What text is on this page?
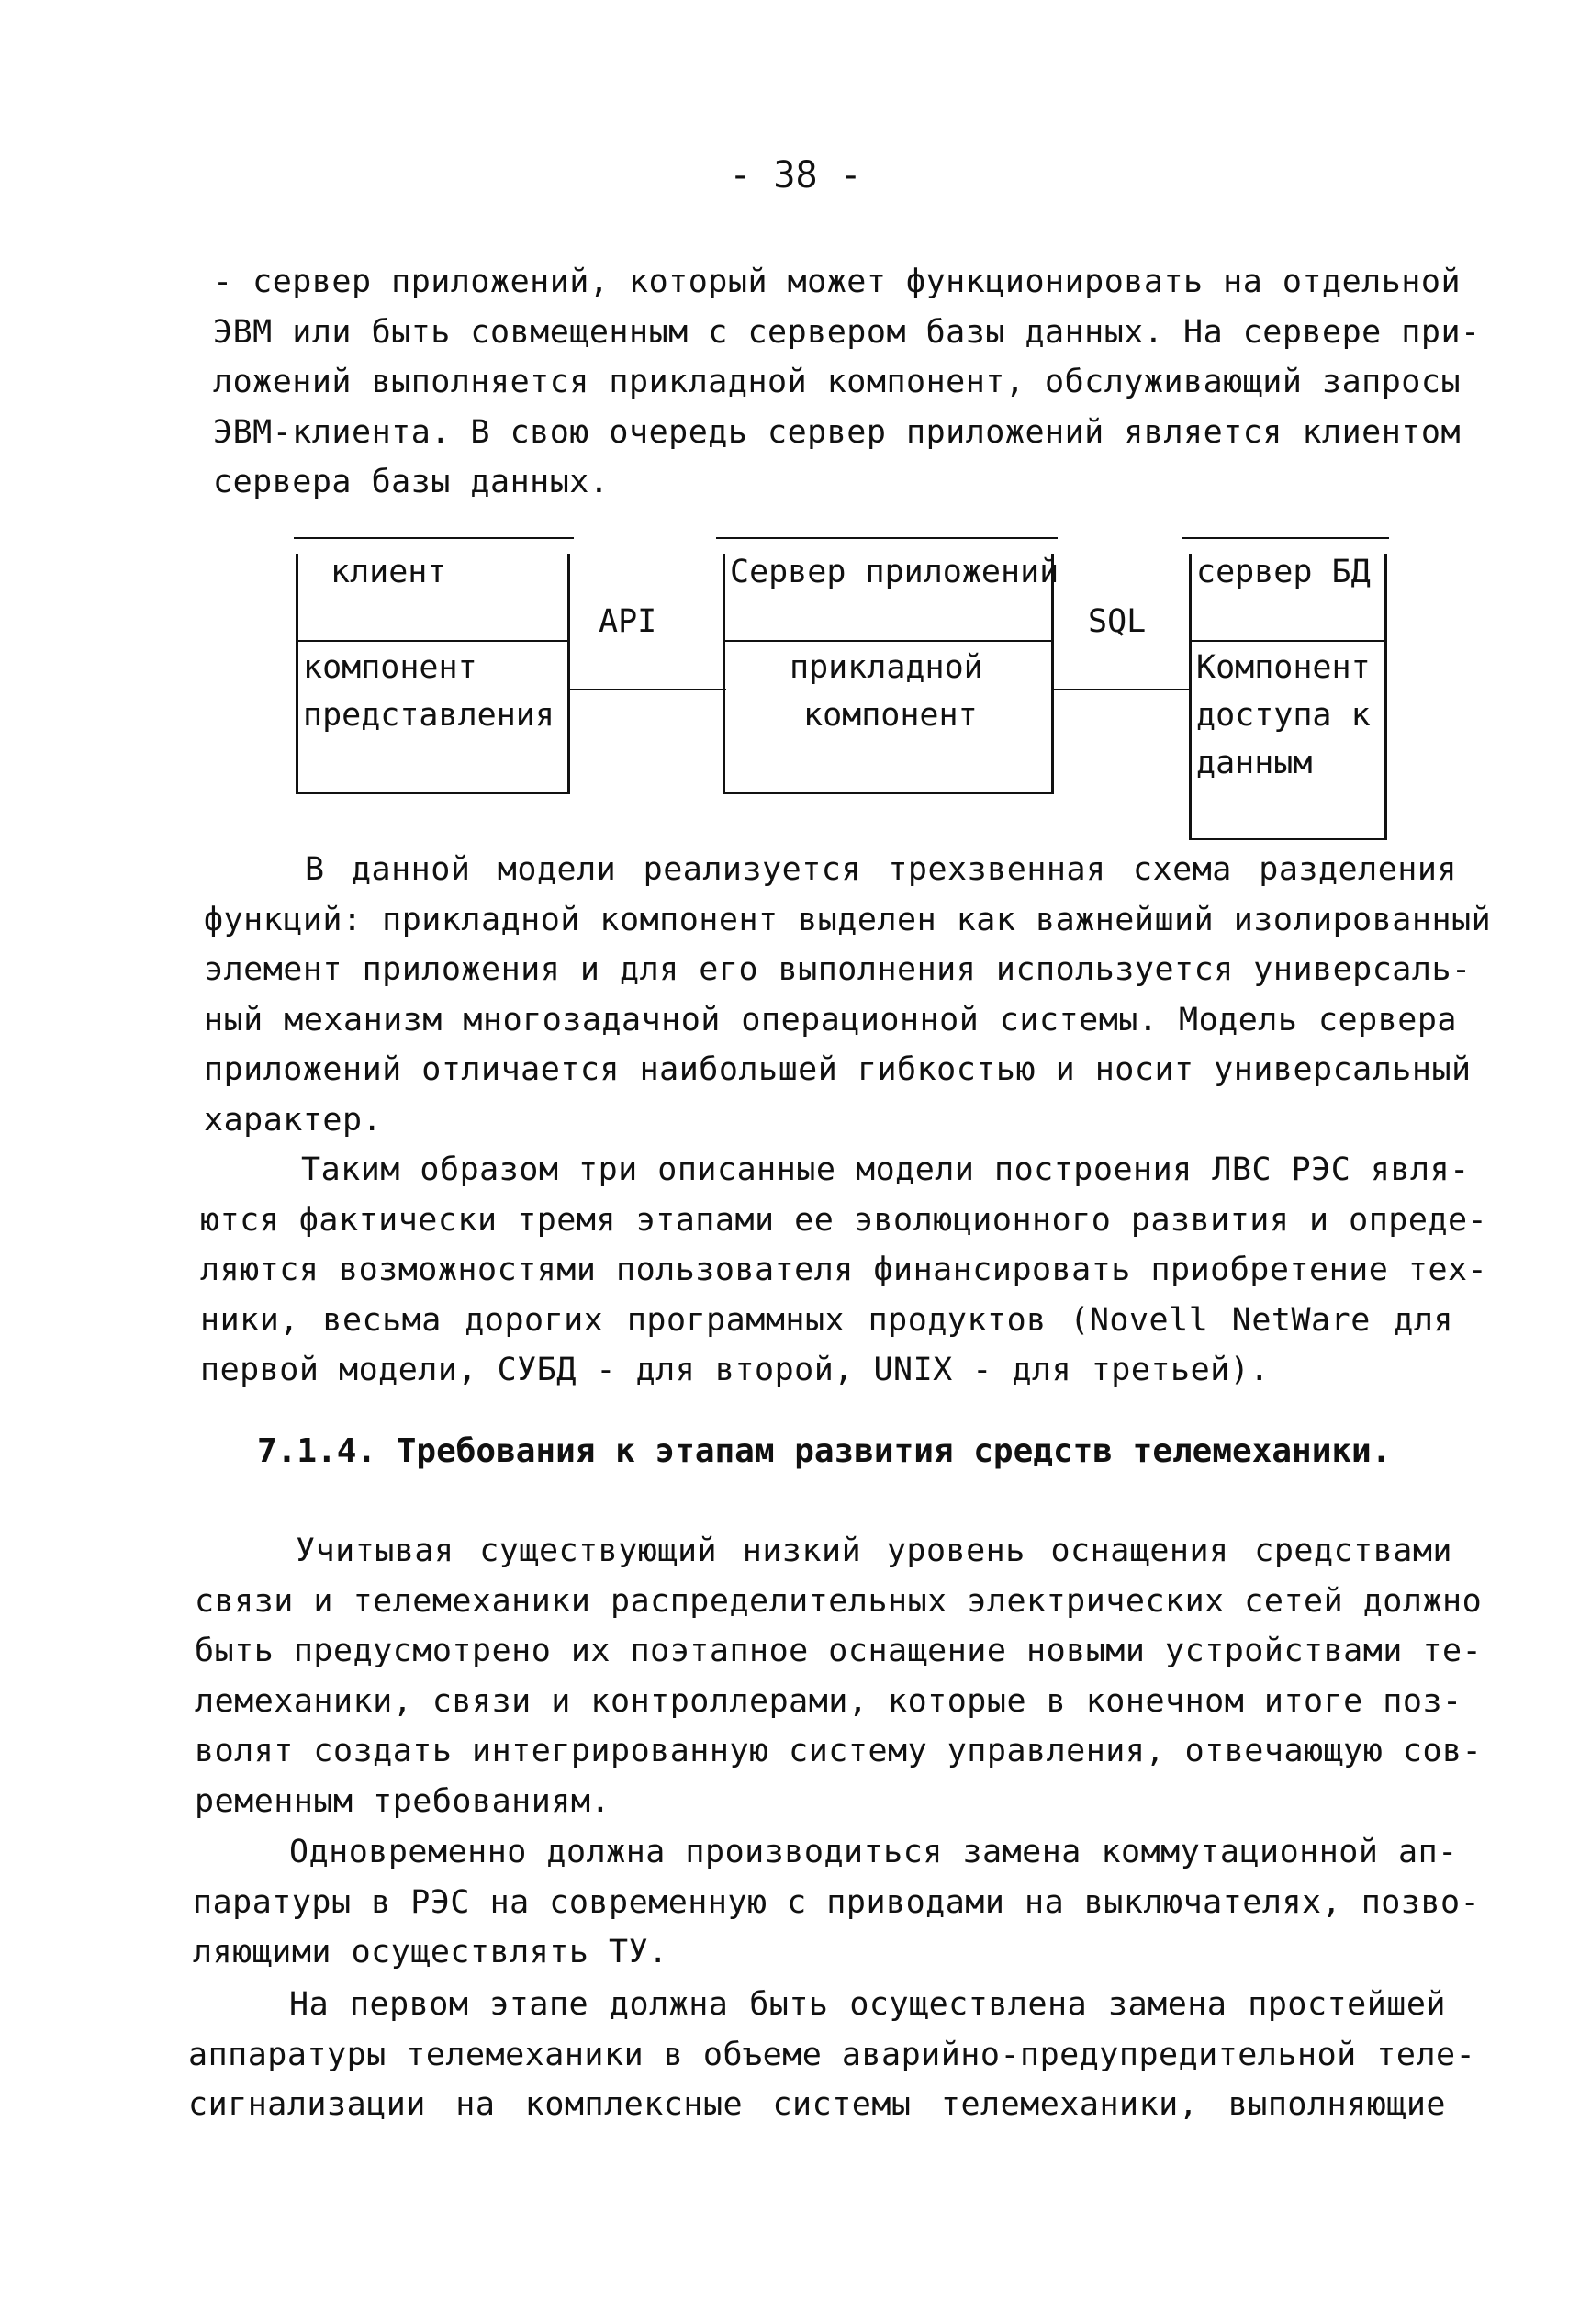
- 38 -
- сервер приложений, который может функционировать на отдельной
ЭВМ или быть совмещенным с сервером базы данных. На сервере при-
ложений выполняется прикладной компонент, обслуживающий запросы
ЭВМ-клиента. В свою очередь сервер приложений является клиентом
сервера базы данных.
клиент
компонент
представления
API
Сервер приложений
прикладной
компонент
SQL
сервер БД
Компонент
доступа к
данным
В данной модели реализуется трехзвенная схема разделения
функций: прикладной компонент выделен как важнейший изолированный
элемент приложения и для его выполнения используется универсаль-
ный механизм многозадачной операционной системы. Модель сервера
приложений отличается наибольшей гибкостью и носит универсальный
характер.
Таким образом три описанные модели построения ЛВС РЭС явля-
ются фактически тремя этапами ее эволюционного развития и опреде-
ляются возможностями пользователя финансировать приобретение тех-
ники, весьма дорогих программных продуктов (Novell NetWare для
первой модели, СУБД - для второй, UNIX - для третьей).
7.1.4. Требования к этапам развития средств телемеханики.
Учитывая существующий низкий уровень оснащения средствами
связи и телемеханики распределительных электрических сетей должно
быть предусмотрено их поэтапное оснащение новыми устройствами те-
лемеханики, связи и контроллерами, которые в конечном итоге поз-
волят создать интегрированную систему управления, отвечающую сов-
ременным требованиям.
Одновременно должна производиться замена коммутационной ап-
паратуры в РЭС на современную с приводами на выключателях, позво-
ляющими осуществлять ТУ.
На первом этапе должна быть осуществлена замена простейшей
аппаратуры телемеханики в объеме аварийно-предупредительной теле-
сигнализации на комплексные системы телемеханики, выполняющие
